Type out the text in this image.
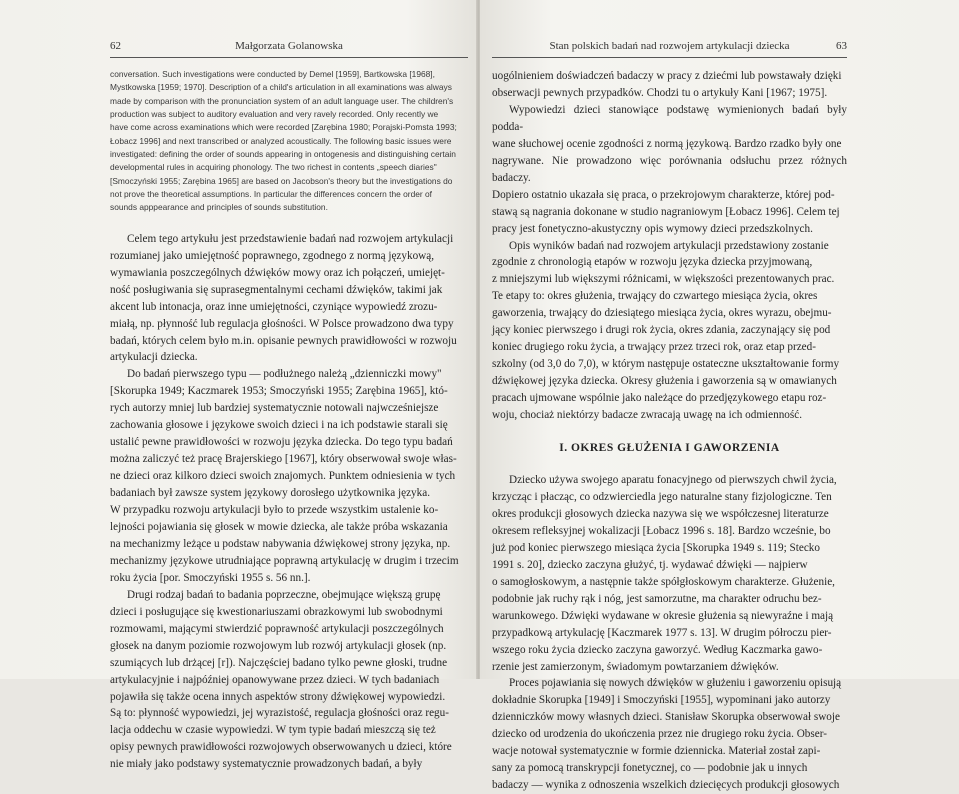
62	Małgorzata Golanowska

conversation. Such investigations were conducted by Demel [1959], Bartkowska [1968],

Mystkowska [1959; 1970]. Description of a child's articulation in all examinations was always

made by comparison with the pronunciation system of an adult language user. The children's

production was subject to auditory evaluation and very ravely recorded. Only recently we

have come across examinations which were recorded [Zarębina 1980; Porajski-Pomsta 1993;

Łobacz 1996] and next transcribed or analyzed acoustically. The following basic issues were

investigated: defining the order of sounds appearing in ontogenesis and distinguishing certain

developmental rules in acquiring phonology. The two richest in contents „speech diaries"

[Smoczyński 1955; Zarębina 1965] are based on Jacobson's theory but the investigations do

not prove the theoretical assumptions. In particular the differences concern the order of

sounds apppearance and principles of sounds substitution.

Celem tego artykułu jest przedstawienie badań nad rozwojem artykulacji

rozumianej jako umiejętność poprawnego, zgodnego z normą językową,

wymawiania poszczególnych dźwięków mowy oraz ich połączeń, umiejęt-

ność posługiwania się suprasegmentalnymi cechami dźwięków, takimi jak

akcent lub intonacja, oraz inne umiejętności, czyniące wypowiedź zrozu-

miałą, np. płynność lub regulacja głośności. W Polsce prowadzono dwa typy

badań, których celem było m.in. opisanie pewnych prawidłowości w rozwoju

artykulacji dziecka.

Do badań pierwszego typu — podłużnego należą „dzienniczki mowy"

[Skorupka 1949; Kaczmarek 1953; Smoczyński 1955; Zarębina 1965], któ-

rych autorzy mniej lub bardziej systematycznie notowali najwcześniejsze

zachowania głosowe i językowe swoich dzieci i na ich podstawie starali się

ustalić pewne prawidłowości w rozwoju języka dziecka. Do tego typu badań

można zaliczyć też pracę Brajerskiego [1967], który obserwował swoje włas-

ne dzieci oraz kilkoro dzieci swoich znajomych. Punktem odniesienia w tych

badaniach był zawsze system językowy dorosłego użytkownika języka.

W przypadku rozwoju artykulacji było to przede wszystkim ustalenie ko-

lejności pojawiania się głosek w mowie dziecka, ale także próba wskazania

na mechanizmy leżące u podstaw nabywania dźwiękowej strony języka, np.

mechanizmy językowe utrudniające poprawną artykulację w drugim i trzecim

roku życia [por. Smoczyński 1955 s. 56 nn.].

Drugi rodzaj badań to badania poprzeczne, obejmujące większą grupę

dzieci i posługujące się kwestionariuszami obrazkowymi lub swobodnymi

rozmowami, mającymi stwierdzić poprawność artykulacji poszczególnych

głosek na danym poziomie rozwojowym lub rozwój artykulacji głosek (np.

szumiących lub drżącej [r]). Najczęściej badano tylko pewne głoski, trudne

artykulacyjnie i najpóźniej opanowywane przez dzieci. W tych badaniach

pojawiła się także ocena innych aspektów strony dźwiękowej wypowiedzi.

Są to: płynność wypowiedzi, jej wyrazistość, regulacja głośności oraz regu-

lacja oddechu w czasie wypowiedzi. W tym typie badań mieszczą się też

opisy pewnych prawidłowości rozwojowych obserwowanych u dzieci, które

nie miały jako podstawy systematycznie prowadzonych badań, a były

Stan polskich badań nad rozwojem artykulacji dziecka	63

uogólnieniem doświadczeń badaczy w pracy z dziećmi lub powstawały dzięki

obserwacji pewnych przypadków. Chodzi tu o artykuły Kani [1967; 1975].

Wypowiedzi dzieci stanowiące podstawę wymienionych badań były podda-

wane słuchowej ocenie zgodności z normą językową. Bardzo rzadko były one

nagrywane. Nie prowadzono więc porównania odsłuchu przez różnych badaczy.

Dopiero ostatnio ukazała się praca, o przekrojowym charakterze, której pod-

stawą są nagrania dokonane w studio nagraniowym [Łobacz 1996]. Celem tej

pracy jest fonetyczno-akustyczny opis wymowy dzieci przedszkolnych.

Opis wyników badań nad rozwojem artykulacji przedstawiony zostanie

zgodnie z chronologią etapów w rozwoju języka dziecka przyjmowaną,

z mniejszymi lub większymi różnicami, w większości prezentowanych prac.

Te etapy to: okres głużenia, trwający do czwartego miesiąca życia, okres

gaworzenia, trwający do dziesiątego miesiąca życia, okres wyrazu, obejmu-

jący koniec pierwszego i drugi rok życia, okres zdania, zaczynający się pod

koniec drugiego roku życia, a trwający przez trzeci rok, oraz etap przed-

szkolny (od 3,0 do 7,0), w którym następuje ostateczne ukształtowanie formy

dźwiękowej języka dziecka. Okresy głużenia i gaworzenia są w omawianych

pracach ujmowane wspólnie jako należące do przedjęzykowego etapu roz-

woju, chociaż niektórzy badacze zwracają uwagę na ich odmienność.

I. OKRES GŁUŻENIA I GAWORZENIA

Dziecko używa swojego aparatu fonacyjnego od pierwszych chwil życia,

krzycząc i płacząc, co odzwierciedla jego naturalne stany fizjologiczne. Ten

okres produkcji głosowych dziecka nazywa się we współczesnej literaturze

okresem refleksyjnej wokalizacji [Łobacz 1996 s. 18]. Bardzo wcześnie, bo

już pod koniec pierwszego miesiąca życia [Skorupka 1949 s. 119; Stecko

1991 s. 20], dziecko zaczyna głużyć, tj. wydawać dźwięki — najpierw

o samogłoskowym, a następnie także spółgłoskowym charakterze. Głużenie,

podobnie jak ruchy rąk i nóg, jest samorzutne, ma charakter odruchu bez-

warunkowego. Dźwięki wydawane w okresie głużenia są niewyraźne i mają

przypadkową artykulację [Kaczmarek 1977 s. 13]. W drugim półroczu pier-

wszego roku życia dziecko zaczyna gaworzyć. Według Kaczmarka gawo-

rzenie jest zamierzonym, świadomym powtarzaniem dźwięków.

Proces pojawiania się nowych dźwięków w głużeniu i gaworzeniu opisują

dokładnie Skorupka [1949] i Smoczyński [1955], wypominani jako autorzy

dzienniczków mowy własnych dzieci. Stanisław Skorupka obserwował swoje

dziecko od urodzenia do ukończenia przez nie drugiego roku życia. Obser-

wacje notował systematycznie w formie dziennicka. Materiał został zapi-

sany za pomocą transkrypcji fonetycznej, co — podobnie jak u innych

badaczy — wynika z odnoszenia wszelkich dziecięcych produkcji głosowych
